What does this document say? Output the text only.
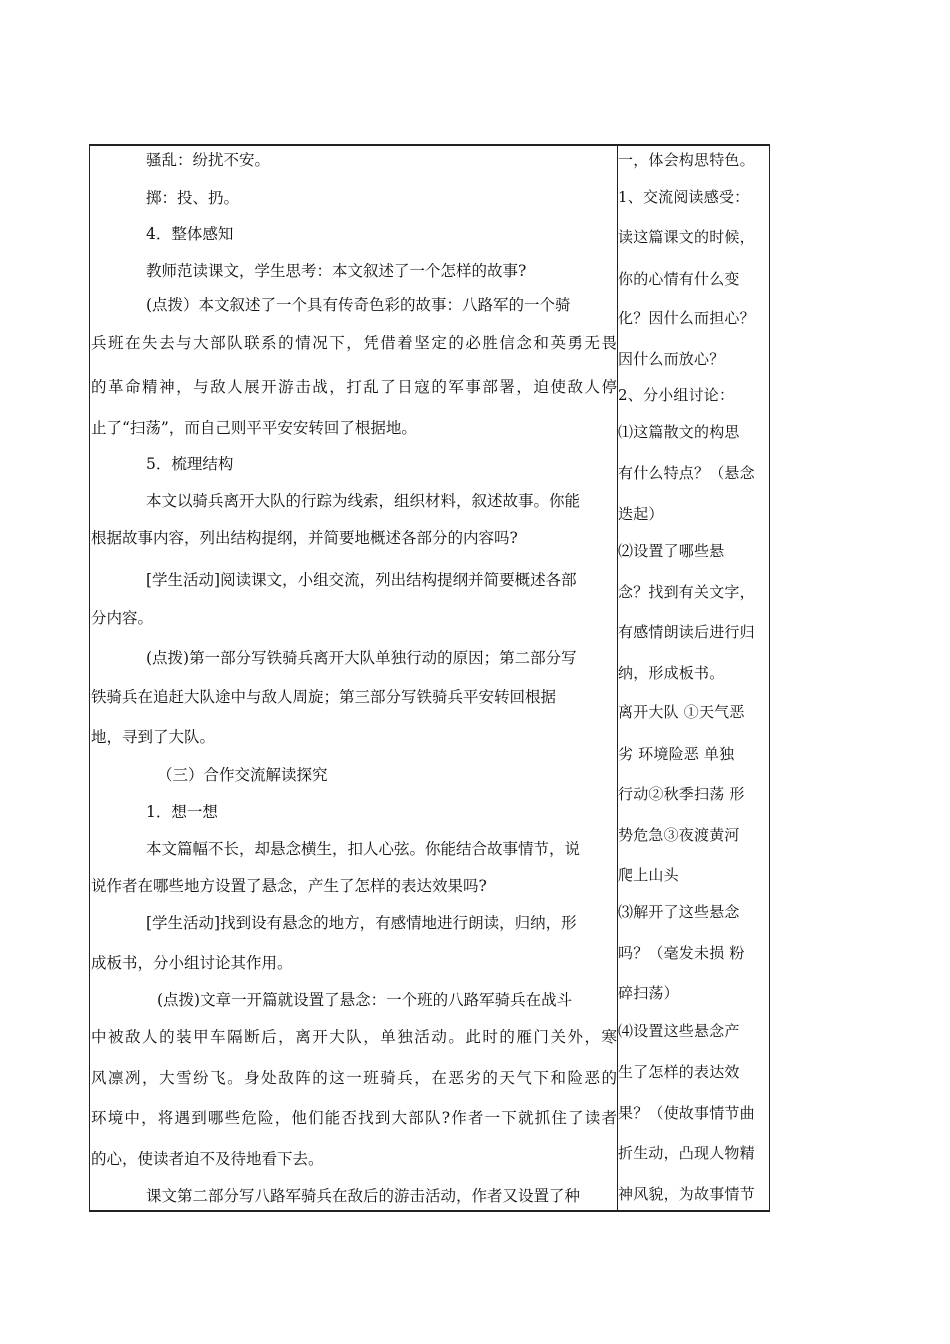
骚乱：纷扰不安。
掷：投、扔。
4．整体感知
教师范读课文，学生思考：本文叙述了一个怎样的故事?
(点拨）本文叙述了一个具有传奇色彩的故事：八路军的一个骑
兵班在失去与大部队联系的情况下，凭借着坚定的必胜信念和英勇无畏
的革命精神，与敌人展开游击战，打乱了日寇的军事部署，迫使敌人停
止了“扫荡”，而自己则平平安安转回了根据地。
5．梳理结构
本文以骑兵离开大队的行踪为线索，组织材料，叙述故事。你能
根据故事内容，列出结构提纲，并简要地概述各部分的内容吗?
[学生活动]阅读课文，小组交流，列出结构提纲并简要概述各部
分内容。
(点拨)第一部分写铁骑兵离开大队单独行动的原因；第二部分写
铁骑兵在追赶大队途中与敌人周旋；第三部分写铁骑兵平安转回根据
地，寻到了大队。
（三）合作交流解读探究
1．想一想
本文篇幅不长，却悬念横生，扣人心弦。你能结合故事情节，说
说作者在哪些地方设置了悬念，产生了怎样的表达效果吗?
[学生活动]找到设有悬念的地方，有感情地进行朗读，归纳，形
成板书，分小组讨论其作用。
(点拨)文章一开篇就设置了悬念：一个班的八路军骑兵在战斗
中被敌人的装甲车隔断后，离开大队，单独活动。此时的雁门关外，寒
风凛冽，大雪纷飞。身处敌阵的这一班骑兵，在恶劣的天气下和险恶的
环境中，将遇到哪些危险，他们能否找到大部队?作者一下就抓住了读者
的心，使读者迫不及待地看下去。
课文第二部分写八路军骑兵在敌后的游击活动，作者又设置了种
一，体会构思特色。
1、交流阅读感受：
读这篇课文的时候，
你的心情有什么变
化？因什么而担心？
因什么而放心？
2、分小组讨论：
⑴这篇散文的构思
有什么特点？（悬念
迭起）
⑵设置了哪些悬
念？找到有关文字，
有感情朗读后进行归
纳，形成板书。
离开大队 ①天气恶
劣 环境险恶 单独
行动②秋季扫荡 形
势危急③夜渡黄河
爬上山头
⑶解开了这些悬念
吗？（毫发未损 粉
碎扫荡）
⑷设置这些悬念产
生了怎样的表达效
果？（使故事情节曲
折生动，凸现人物精
神风貌，为故事情节
